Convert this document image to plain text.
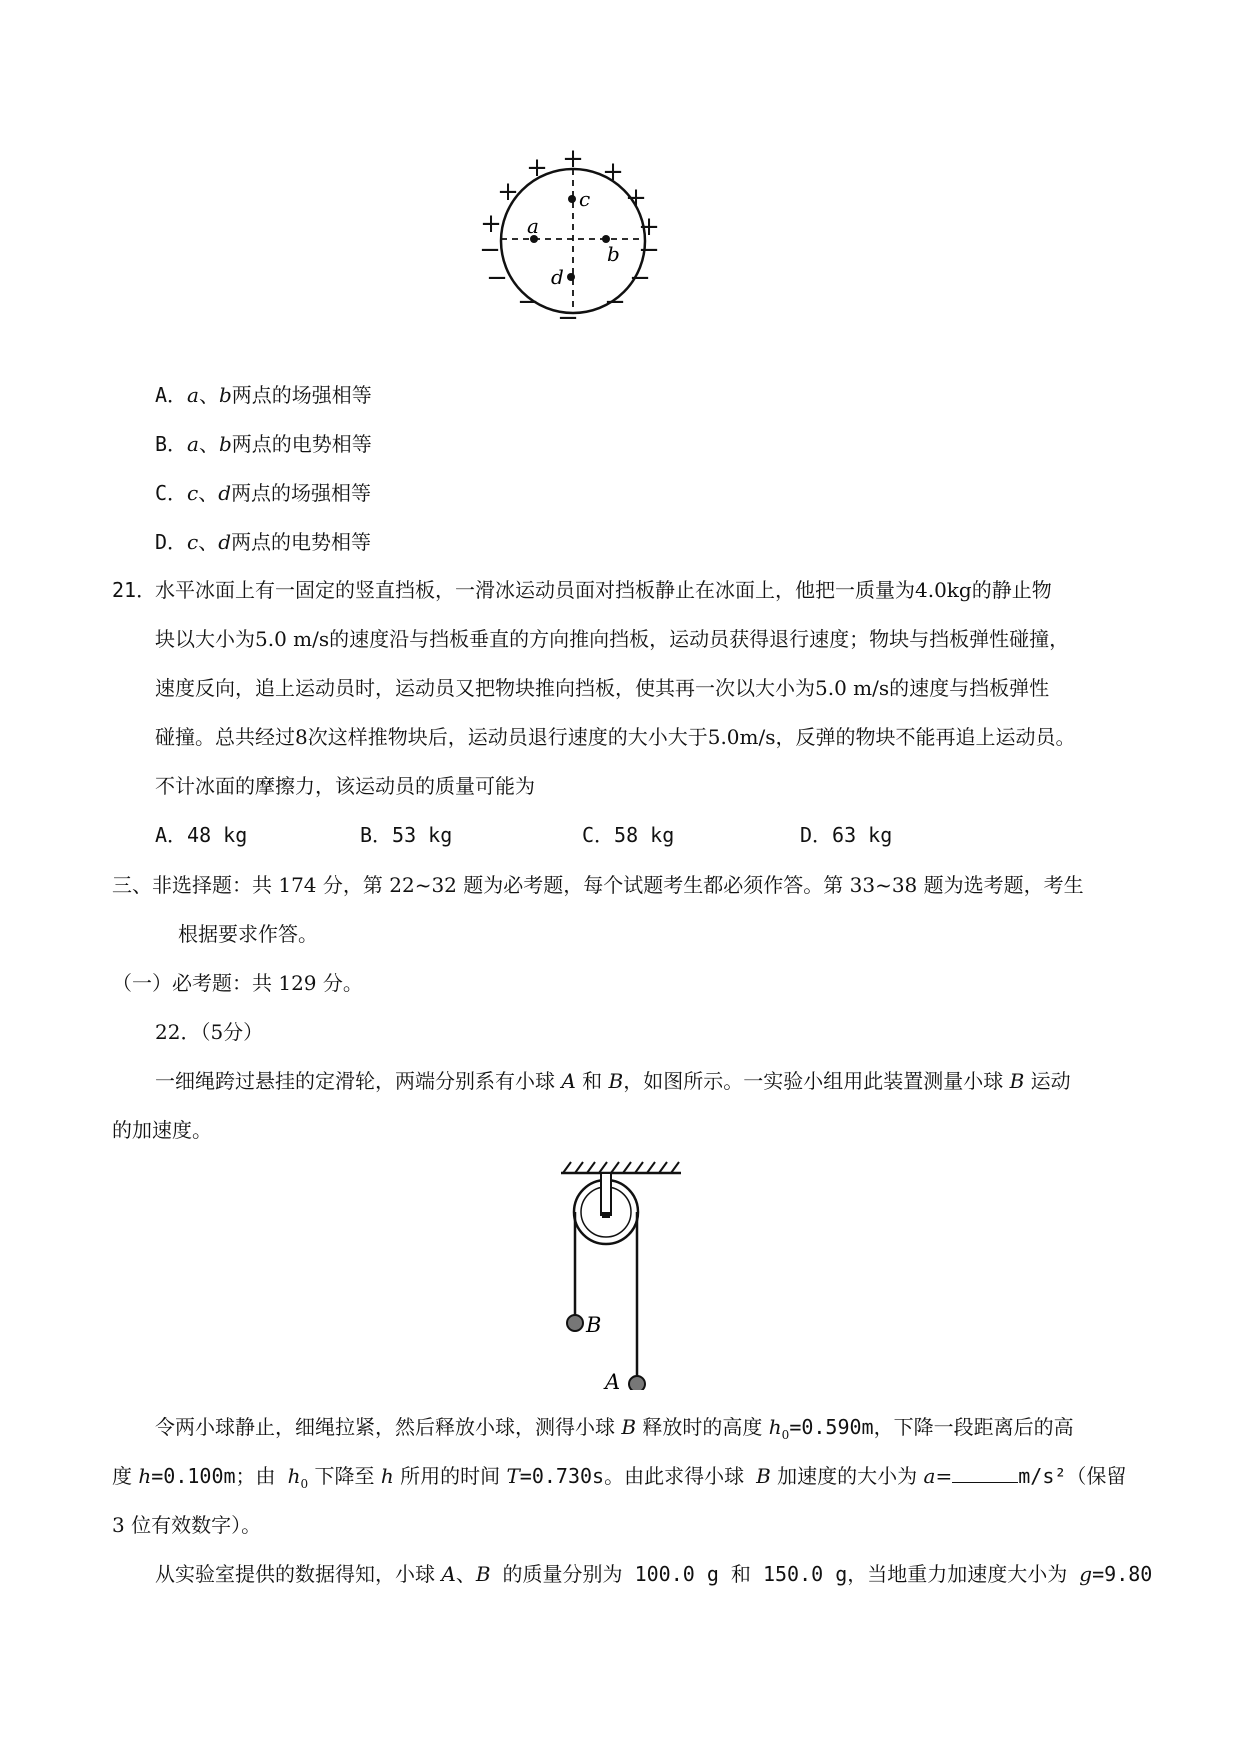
c
a
b
d
+
+ +
+	+
+	+
−	−
−	−
−	−
−
A．a、b两点的场强相等
B．a、b两点的电势相等
C．c、d两点的场强相等
D．c、d两点的电势相等
21．
水平冰面上有一固定的竖直挡板，一滑冰运动员面对挡板静止在冰面上，他把一质量为4.0kg的静止物
块以大小为5.0 m/s的速度沿与挡板垂直的方向推向挡板，运动员获得退行速度；物块与挡板弹性碰撞，
速度反向，追上运动员时，运动员又把物块推向挡板，使其再一次以大小为5.0 m/s的速度与挡板弹性
碰撞。总共经过8次这样推物块后，运动员退行速度的大小大于5.0m/s，反弹的物块不能再追上运动员。
不计冰面的摩擦力，该运动员的质量可能为
A．48 kg	B．53 kg	C．58 kg	D．63 kg
三、非选择题：共 174 分，第 22~32 题为必考题，每个试题考生都必须作答。第 33~38 题为选考题，考生
根据要求作答。
（一）必考题：共 129 分。
22．（5分）
一细绳跨过悬挂的定滑轮，两端分别系有小球 A 和 B，如图所示。一实验小组用此装置测量小球 B 运动
的加速度。
B
A
令两小球静止，细绳拉紧，然后释放小球，测得小球 B 释放时的高度 $h_0=0.590m$，下降一段距离后的高
度 h=0.100m；由 $h_0$ 下降至 h 所用的时间 T=0.730s。由此求得小球 B 加速度的大小为 a=	m/s²（保留
3 位有效数字）。
从实验室提供的数据得知，小球 A、B 的质量分别为 100.0 g 和 150.0 g，当地重力加速度大小为 g=9.80
